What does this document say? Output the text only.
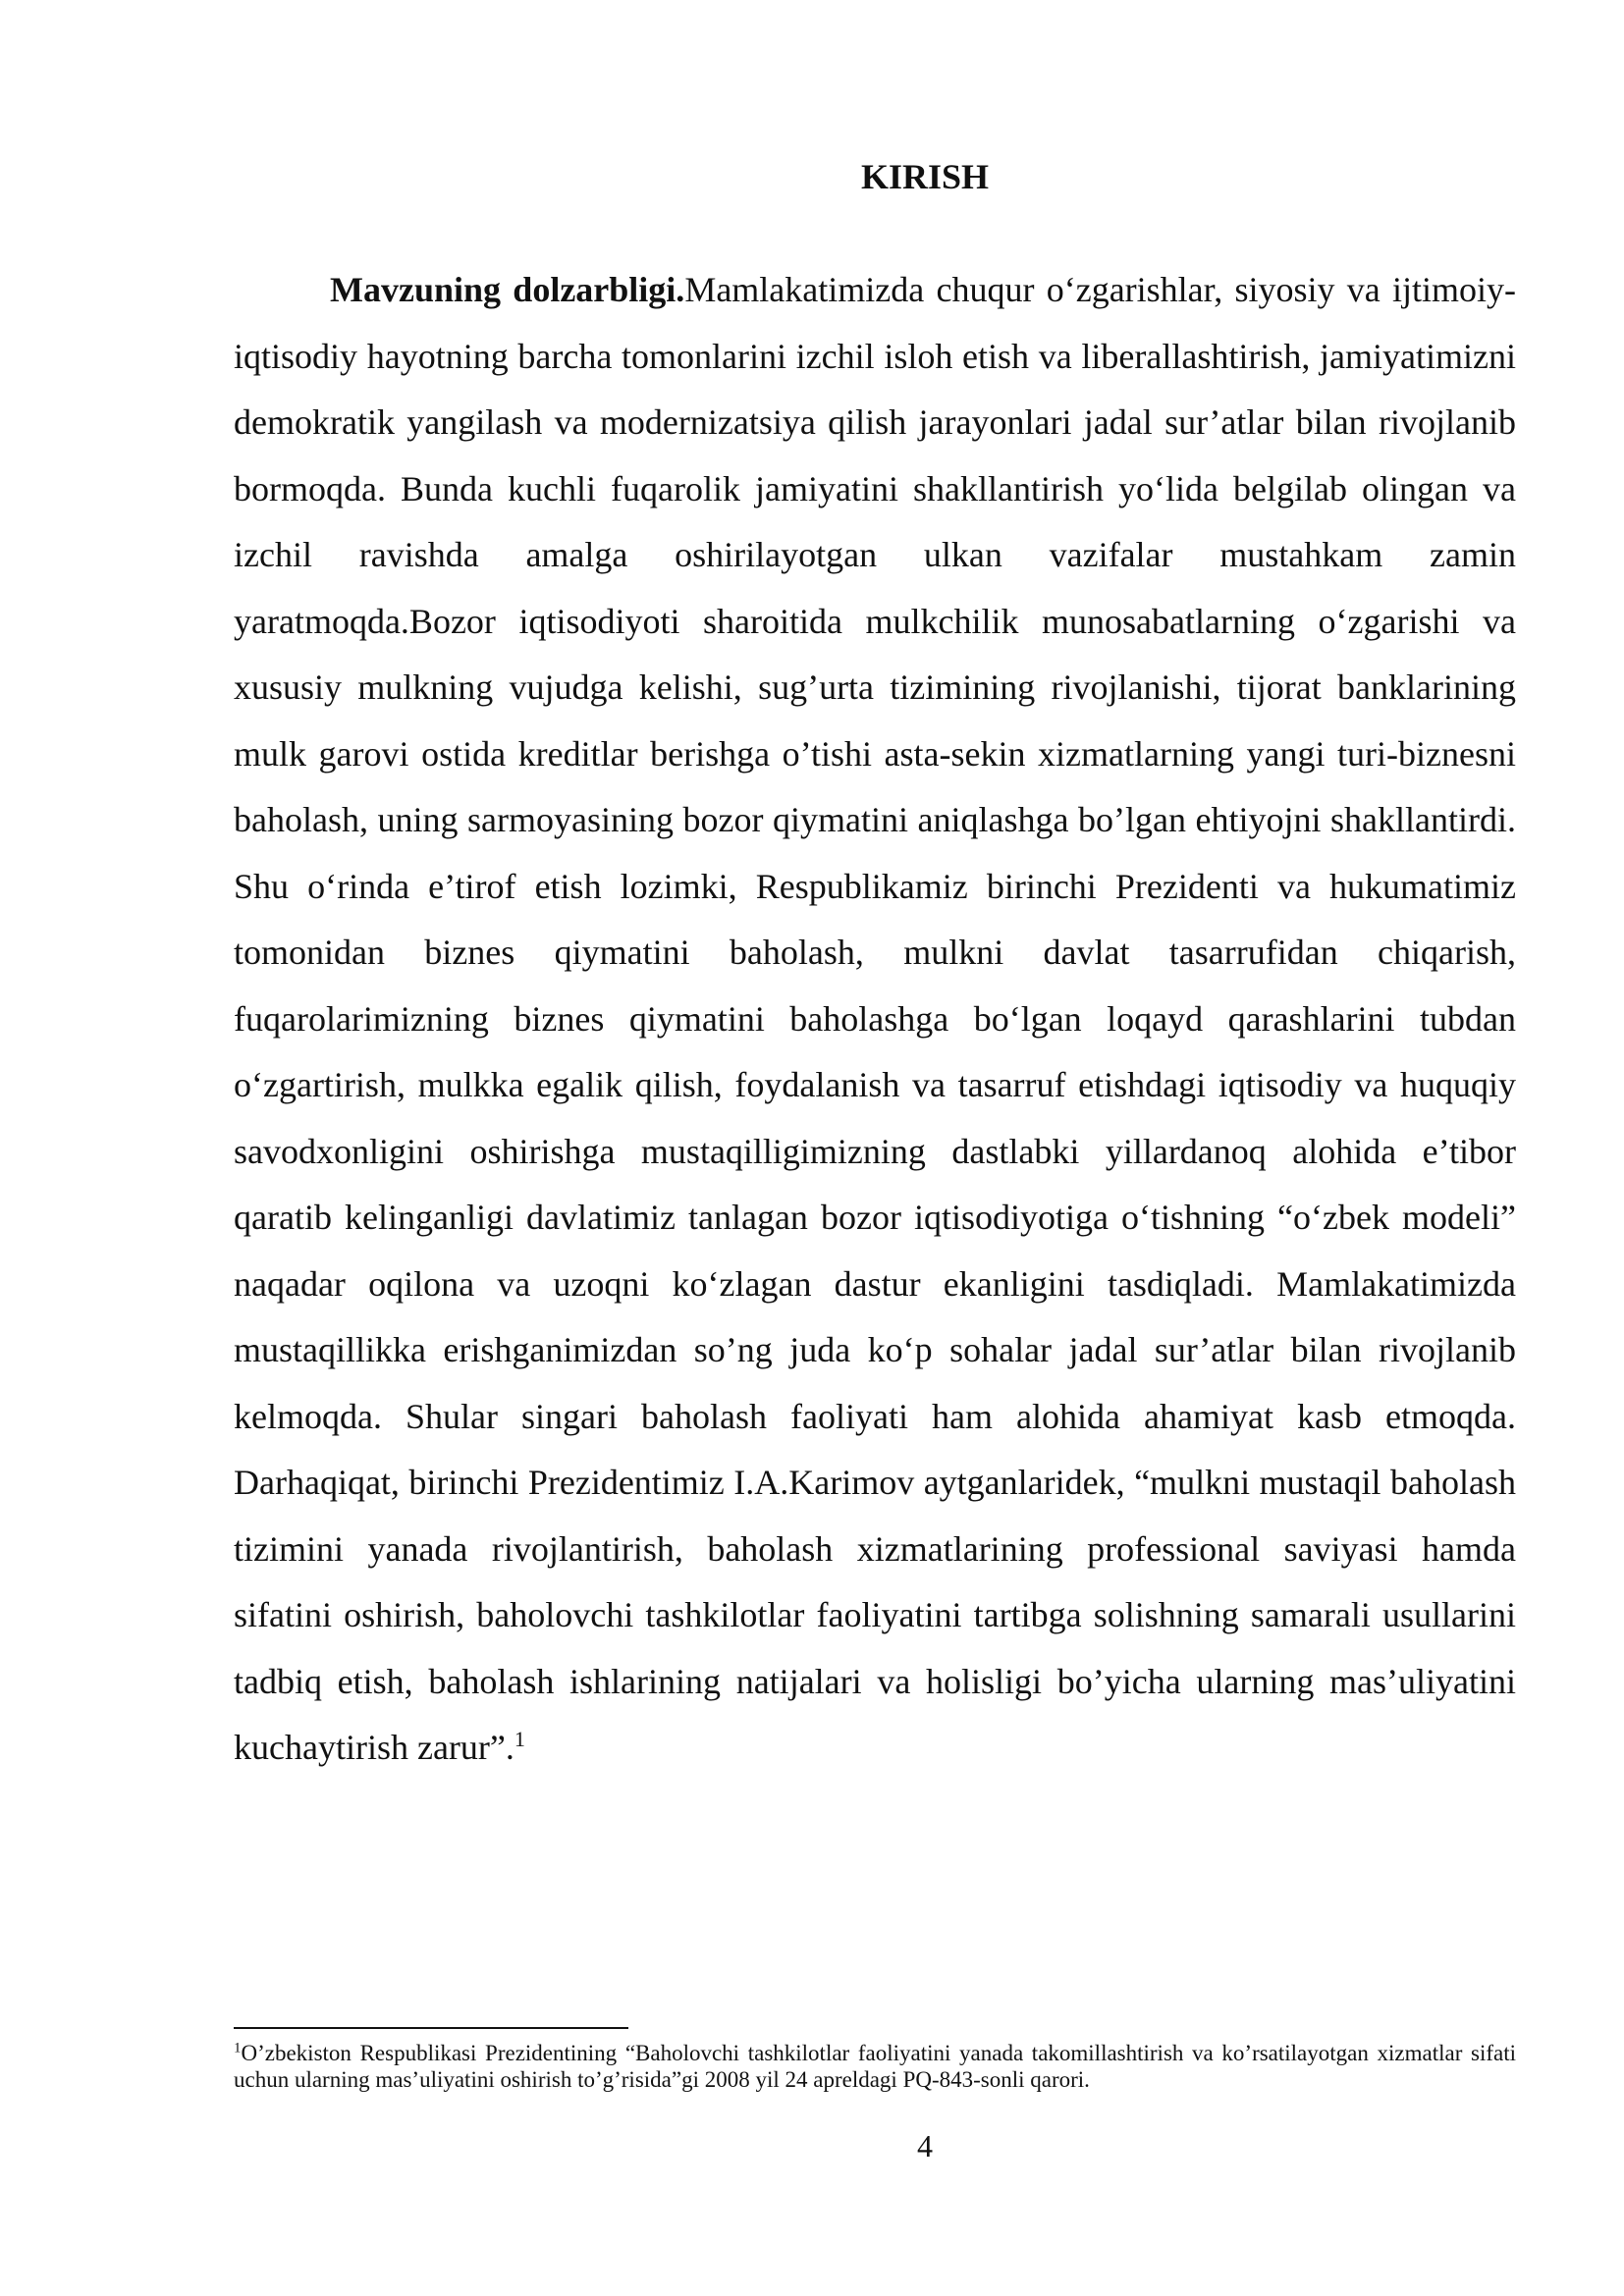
KIRISH

Mavzuning dolzarbligi.Mamlakatimizda chuqur o‘zgarishlar, siyosiy va ijtimoiy-iqtisodiy hayotning barcha tomonlarini izchil isloh etish va liberallashtirish, jamiyatimizni demokratik yangilash va modernizatsiya qilish jarayonlari jadal sur’atlar bilan rivojlanib bormoqda. Bunda kuchli fuqarolik jamiyatini shakllantirish yo‘lida belgilab olingan va izchil ravishda amalga oshirilayotgan ulkan vazifalar mustahkam zamin yaratmoqda.Bozor iqtisodiyoti sharoitida mulkchilik munosabatlarning o‘zgarishi va xususiy mulkning vujudga kelishi, sug’urta tizimining rivojlanishi, tijorat banklarining mulk garovi ostida kreditlar berishga o’tishi asta-sekin xizmatlarning yangi turi-biznesni baholash, uning sarmoyasining bozor qiymatini aniqlashga bo’lgan ehtiyojni shakllantirdi. Shu o‘rinda e’tirof etish lozimki, Respublikamiz birinchi Prezidenti va hukumatimiz tomonidan biznes qiymatini baholash, mulkni davlat tasarrufidan chiqarish, fuqarolarimizning biznes qiymatini baholashga bo‘lgan loqayd qarashlarini tubdan o‘zgartirish, mulkka egalik qilish, foydalanish va tasarruf etishdagi iqtisodiy va huquqiy savodxonligini oshirishga mustaqilligimizning dastlabki yillardanoq alohida e’tibor qaratib kelinganligi davlatimiz tanlagan bozor iqtisodiyotiga o‘tishning “o‘zbek modeli” naqadar oqilona va uzoqni ko‘zlagan dastur ekanligini tasdiqladi. Mamlakatimizda mustaqillikka erishganimizdan so’ng juda ko‘p sohalar jadal sur’atlar bilan rivojlanib kelmoqda. Shular singari baholash faoliyati ham alohida ahamiyat kasb etmoqda. Darhaqiqat, birinchi Prezidentimiz I.A.Karimov aytganlaridek, “mulkni mustaqil baholash tizimini yanada rivojlantirish, baholash xizmatlarining professional saviyasi hamda sifatini oshirish, baholovchi tashkilotlar faoliyatini tartibga solishning samarali usullarini tadbiq etish, baholash ishlarining natijalari va holisligi bo’yicha ularning mas’uliyatini kuchaytirish zarur”.$^1$

$^1$O’zbekiston Respublikasi Prezidentining “Baholovchi tashkilotlar faoliyatini yanada takomillashtirish va ko’rsatilayotgan xizmatlar sifati uchun ularning mas’uliyatini oshirish to’g’risida”gi 2008 yil 24 apreldagi PQ-843-sonli qarori.

4
